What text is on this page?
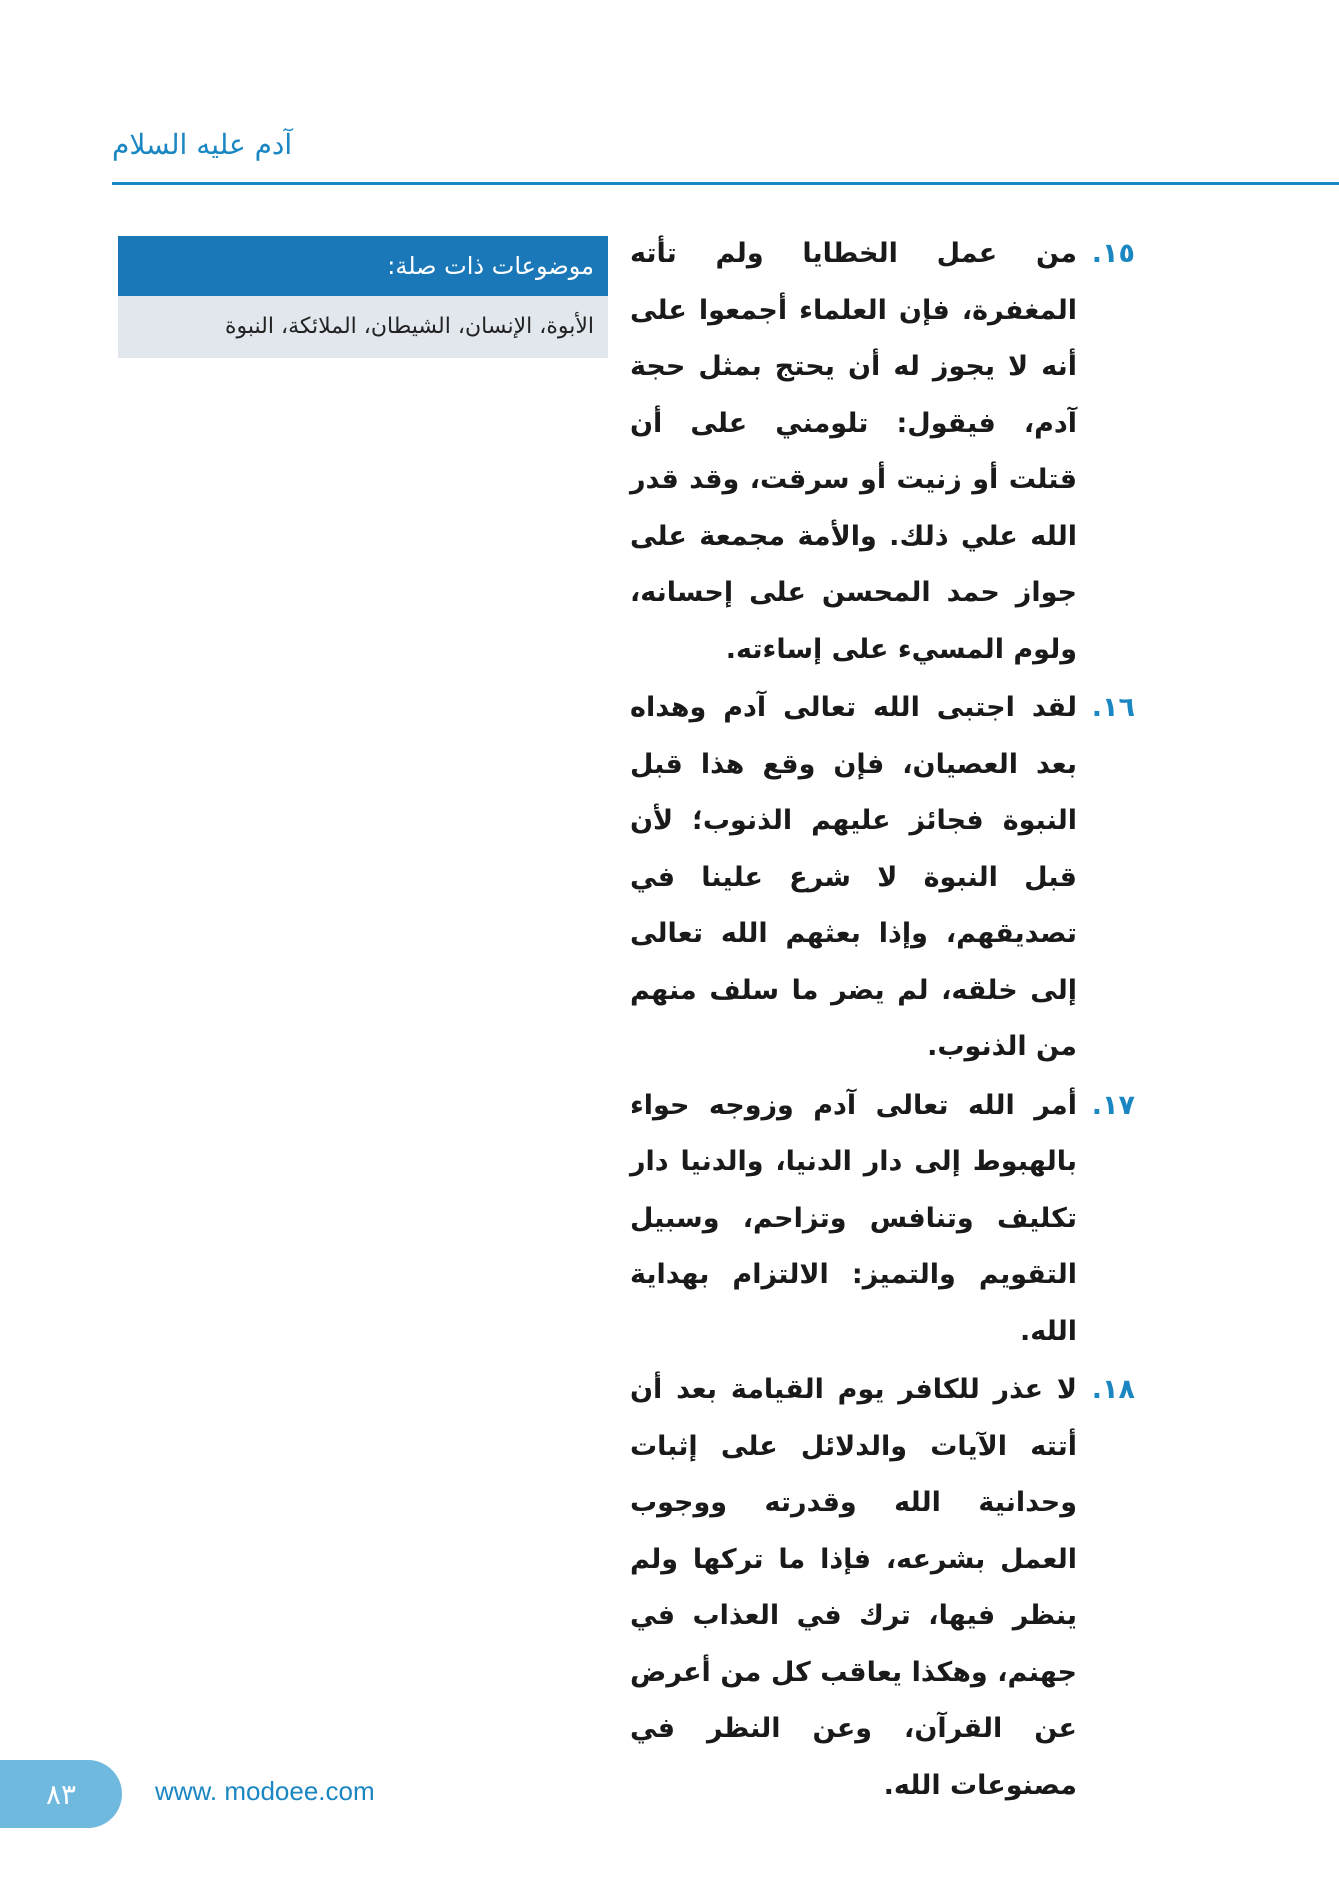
آدم عليه السلام
موضوعات ذات صلة:
الأبوة، الإنسان، الشيطان، الملائكة، النبوة
١٥.
من عمل الخطايا ولم تأته المغفرة، فإن العلماء أجمعوا على أنه لا يجوز له أن يحتج بمثل حجة آدم، فيقول: تلومني على أن قتلت أو زنيت أو سرقت، وقد قدر الله علي ذلك. والأمة مجمعة على جواز حمد المحسن على إحسانه، ولوم المسيء على إساءته.
١٦.
لقد اجتبى الله تعالى آدم وهداه بعد العصيان، فإن وقع هذا قبل النبوة فجائز عليهم الذنوب؛ لأن قبل النبوة لا شرع علينا في تصديقهم، وإذا بعثهم الله تعالى إلى خلقه، لم يضر ما سلف منهم من الذنوب.
١٧.
أمر الله تعالى آدم وزوجه حواء بالهبوط إلى دار الدنيا، والدنيا دار تكليف وتنافس وتزاحم، وسبيل التقويم والتميز: الالتزام بهداية الله.
١٨.
لا عذر للكافر يوم القيامة بعد أن أتته الآيات والدلائل على إثبات وحدانية الله وقدرته ووجوب العمل بشرعه، فإذا ما تركها ولم ينظر فيها، ترك في العذاب في جهنم، وهكذا يعاقب كل من أعرض عن القرآن، وعن النظر في مصنوعات الله.
٨٣	www. modoee.com
